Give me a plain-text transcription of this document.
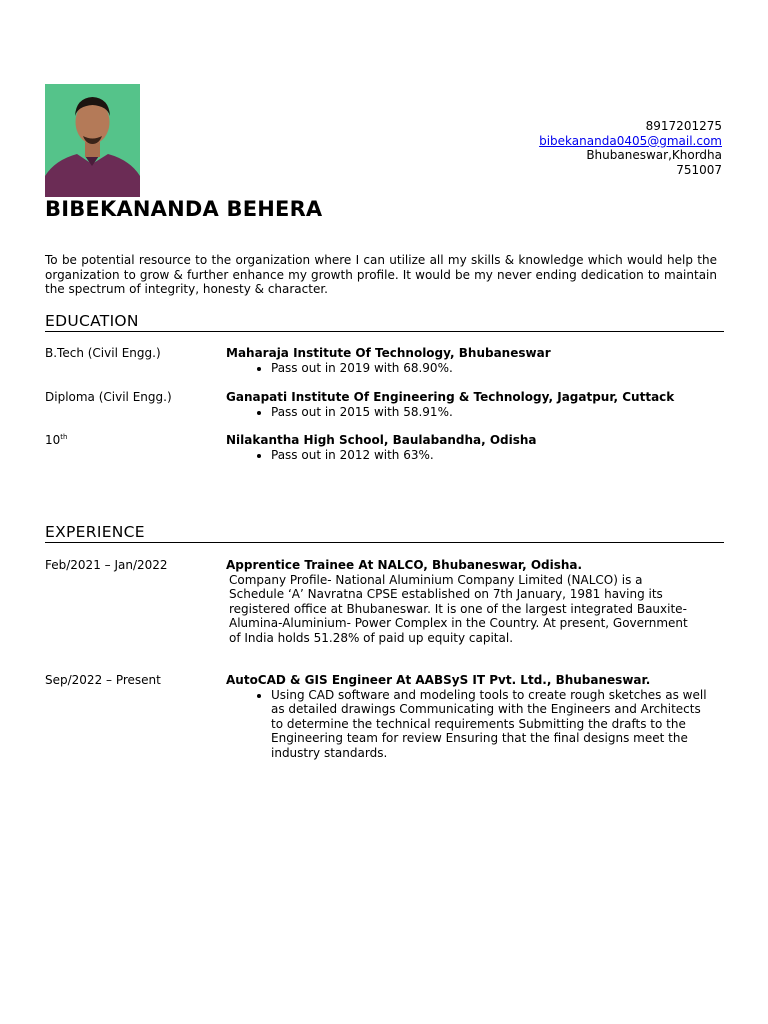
8917201275
bibekananda0405@gmail.com
Bhubaneswar,Khordha
751007
BIBEKANANDA BEHERA
To be potential resource to the organization where I can utilize all my skills & knowledge which would help the organization to grow & further enhance my growth profile. It would be my never ending dedication to maintain the spectrum of integrity, honesty & character.
EDUCATION
B.Tech (Civil Engg.)	Maharaja Institute Of Technology, Bhubaneswar
• Pass out in 2019 with 68.90%.
Diploma (Civil Engg.)	Ganapati Institute Of Engineering & Technology, Jagatpur, Cuttack
• Pass out in 2015 with 58.91%.
10th	Nilakantha High School, Baulabandha, Odisha
• Pass out in 2012 with 63%.
EXPERIENCE
Feb/2021 – Jan/2022	Apprentice Trainee At NALCO, Bhubaneswar, Odisha.
Company Profile- National Aluminium Company Limited (NALCO) is a Schedule ‘A’ Navratna CPSE established on 7th January, 1981 having its registered office at Bhubaneswar. It is one of the largest integrated Bauxite-Alumina-Aluminium- Power Complex in the Country. At present, Government of India holds 51.28% of paid up equity capital.
Sep/2022 – Present	AutoCAD & GIS Engineer At AABSyS IT Pvt. Ltd., Bhubaneswar.
• Using CAD software and modeling tools to create rough sketches as well as detailed drawings Communicating with the Engineers and Architects to determine the technical requirements Submitting the drafts to the Engineering team for review Ensuring that the final designs meet the industry standards.
